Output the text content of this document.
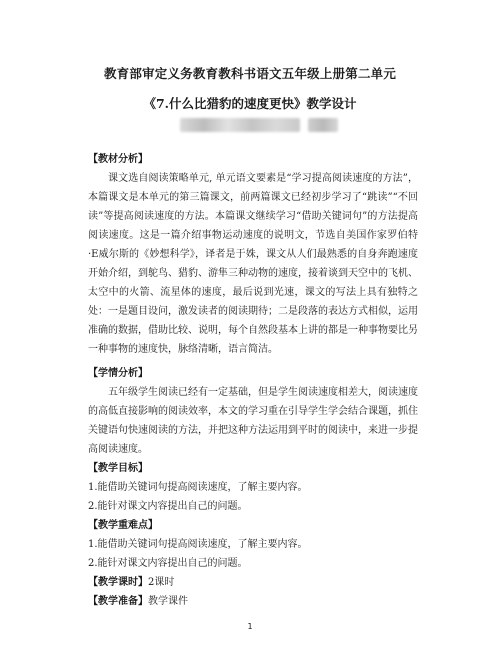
教育部审定义务教育教科书语文五年级上册第二单元
《7.什么比猎豹的速度更快》教学设计

【教材分析】

课文选自阅读策略单元, 单元语文要素是“学习提高阅读速度的方法”，本篇课文是本单元的第三篇课文，前两篇课文已经初步学习了“跳读”“不回读”等提高阅读速度的方法。本篇课文继续学习“借助关键词句”的方法提高阅读速度。这是一篇介绍事物运动速度的说明文，节选自美国作家罗伯特·E威尔斯的《妙想科学》，译者是于姝，课文从人们最熟悉的自身奔跑速度开始介绍，到鸵鸟、猎豹、游隼三种动物的速度，接着谈到天空中的飞机、太空中的火箭、流星体的速度，最后说到光速，课文的写法上具有独特之处：一是题目设问，激发读者的阅读期待；二是段落的表达方式相似，运用准确的数据，借助比较、说明，每个自然段基本上讲的都是一种事物要比另一种事物的速度快，脉络清晰，语言简洁。

【学情分析】

五年级学生阅读已经有一定基础，但是学生阅读速度相差大，阅读速度的高低直接影响的阅读效率，本文的学习重在引导学生学会结合课题，抓住关键语句快速阅读的方法，并把这种方法运用到平时的阅读中，来进一步提高阅读速度。

【教学目标】

1.能借助关键词句提高阅读速度，了解主要内容。

2.能针对课文内容提出自己的问题。

【教学重难点】

1.能借助关键词句提高阅读速度，了解主要内容。

2.能针对课文内容提出自己的问题。

【教学课时】2课时

【教学准备】教学课件

1
